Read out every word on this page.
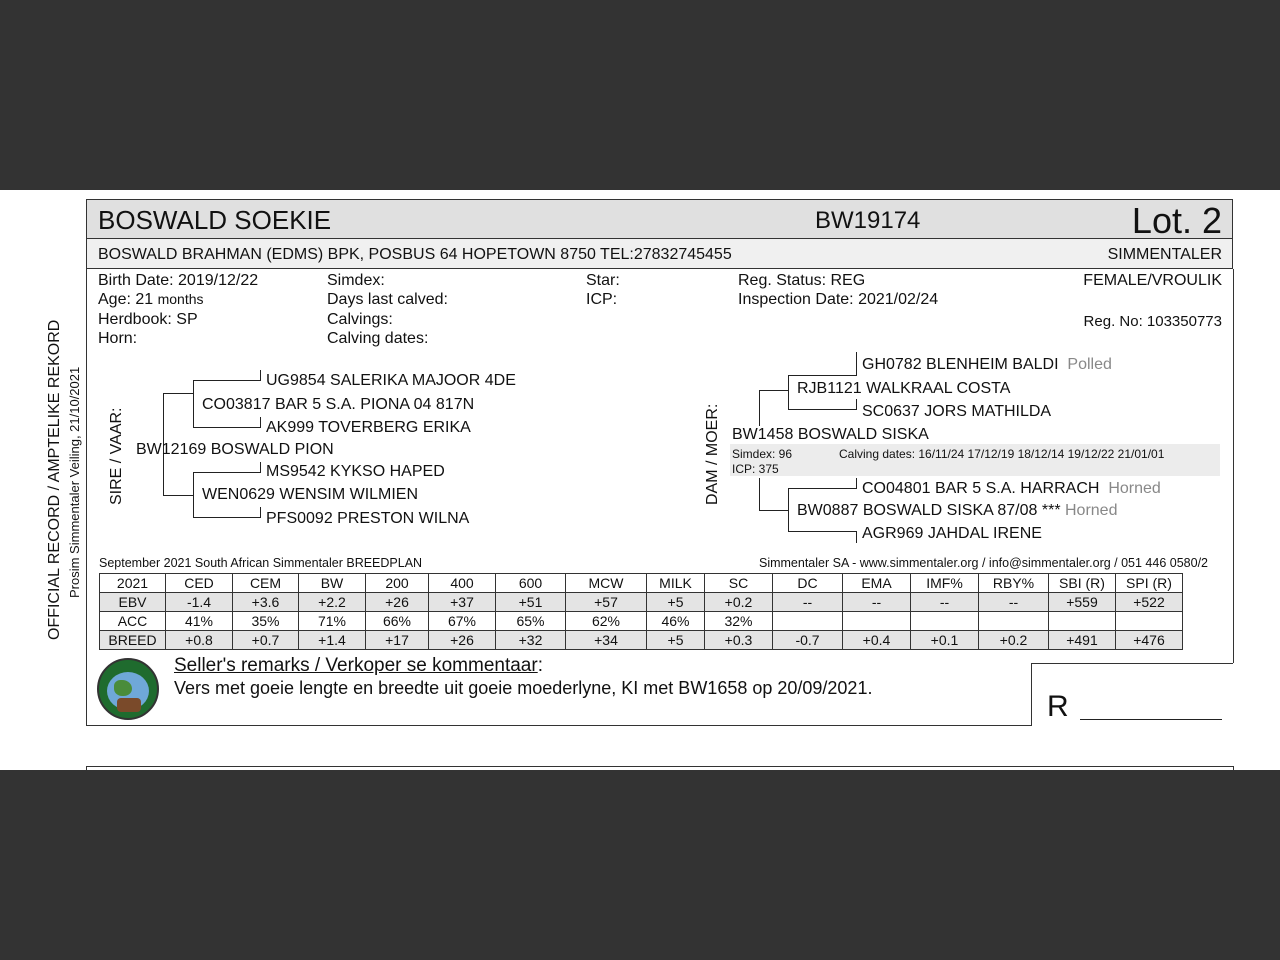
BOSWALD SOEKIE	BW19174	Lot. 2
BOSWALD BRAHMAN (EDMS) BPK, POSBUS 64 HOPETOWN 8750 TEL:27832745455	SIMMENTALER
OFFICIAL RECORD / AMPTELIKE REKORD Prosim Simmentaler Veiling, 21/10/2021
Birth Date: 2019/12/22
Age: 21 months
Herdbook: SP
Horn:
Simdex:
Days last calved:
Calvings:
Calving dates:
Star:
ICP:
Reg. Status: REG
Inspection Date: 2021/02/24
FEMALE/VROULIK
Reg. No: 103350773
SIRE / VAAR:
UG9854 SALERIKA MAJOOR 4DE
CO03817 BAR 5 S.A. PIONA 04 817N
AK999 TOVERBERG ERIKA
BW12169 BOSWALD PION
MS9542 KYKSO HAPED
WEN0629 WENSIM WILMIEN
PFS0092 PRESTON WILNA
DAM / MOER:
GH0782 BLENHEIM BALDI Polled
RJB1121 WALKRAAL COSTA
SC0637 JORS MATHILDA
BW1458 BOSWALD SISKA
Simdex: 96
ICP: 375
Calving dates: 16/11/24 17/12/19 18/12/14 19/12/22 21/01/01
CO04801 BAR 5 S.A. HARRACH Horned
BW0887 BOSWALD SISKA 87/08 *** Horned
AGR969 JAHDAL IRENE
September 2021 South African Simmentaler BREEDPLAN	Simmentaler SA - www.simmentaler.org / info@simmentaler.org / 051 446 0580/2
2021	CED	CEM	BW	200	400	600	MCW	MILK	SC	DC	EMA	IMF%	RBY%	SBI (R)	SPI (R)
EBV	-1.4	+3.6	+2.2	+26	+37	+51	+57	+5	+0.2	--	--	--	--	+559	+522
ACC	41%	35%	71%	66%	67%	65%	62%	46%	32%						
BREED	+0.8	+0.7	+1.4	+17	+26	+32	+34	+5	+0.3	-0.7	+0.4	+0.1	+0.2	+491	+476
Seller's remarks / Verkoper se kommentaar:
Vers met goeie lengte en breedte uit goeie moederlyne, KI met BW1658 op 20/09/2021.
R
